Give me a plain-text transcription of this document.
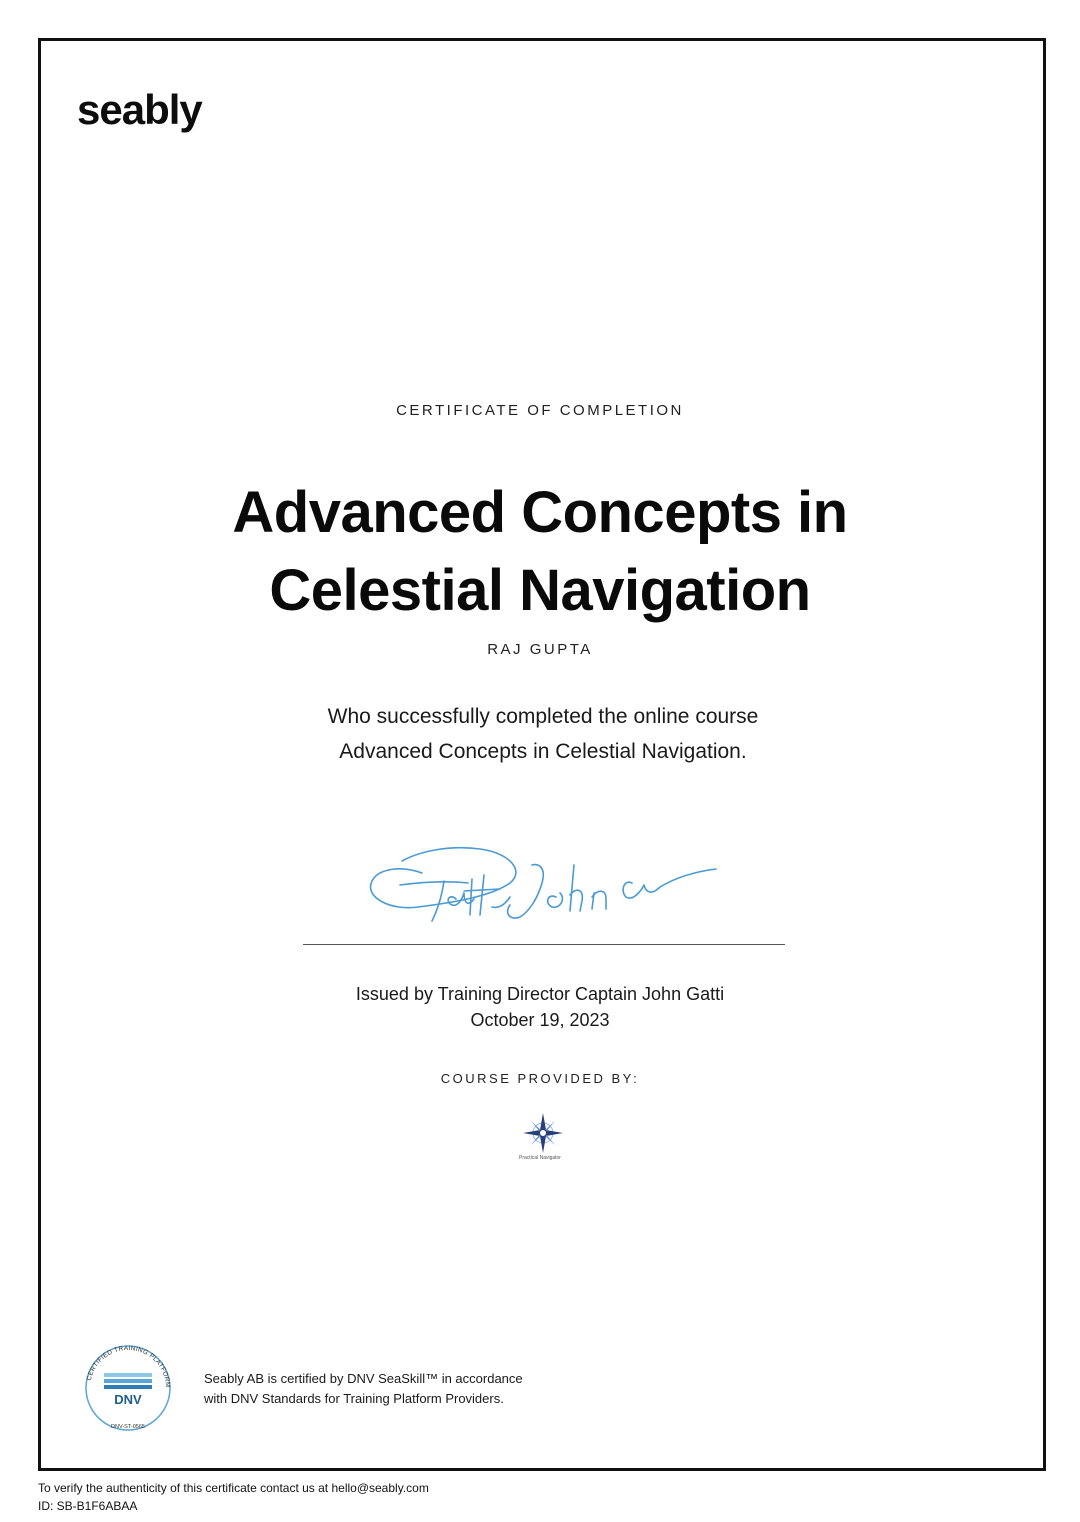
seably
CERTIFICATE OF COMPLETION
Advanced Concepts in
Celestial Navigation
RAJ GUPTA

Who successfully completed the online course Advanced Concepts in Celestial Navigation.

Issued by Training Director Captain John Gatti
October 19, 2023
COURSE PROVIDED BY:
Practical Navigator
CERTIFIED TRAINING PLATFORM
DNV
DNV-ST-0565

Seably AB is certified by DNV SeaSkill™ in accordance
with DNV Standards for Training Platform Providers.

To verify the authenticity of this certificate contact us at hello@seably.com
ID: SB-B1F6ABAA
